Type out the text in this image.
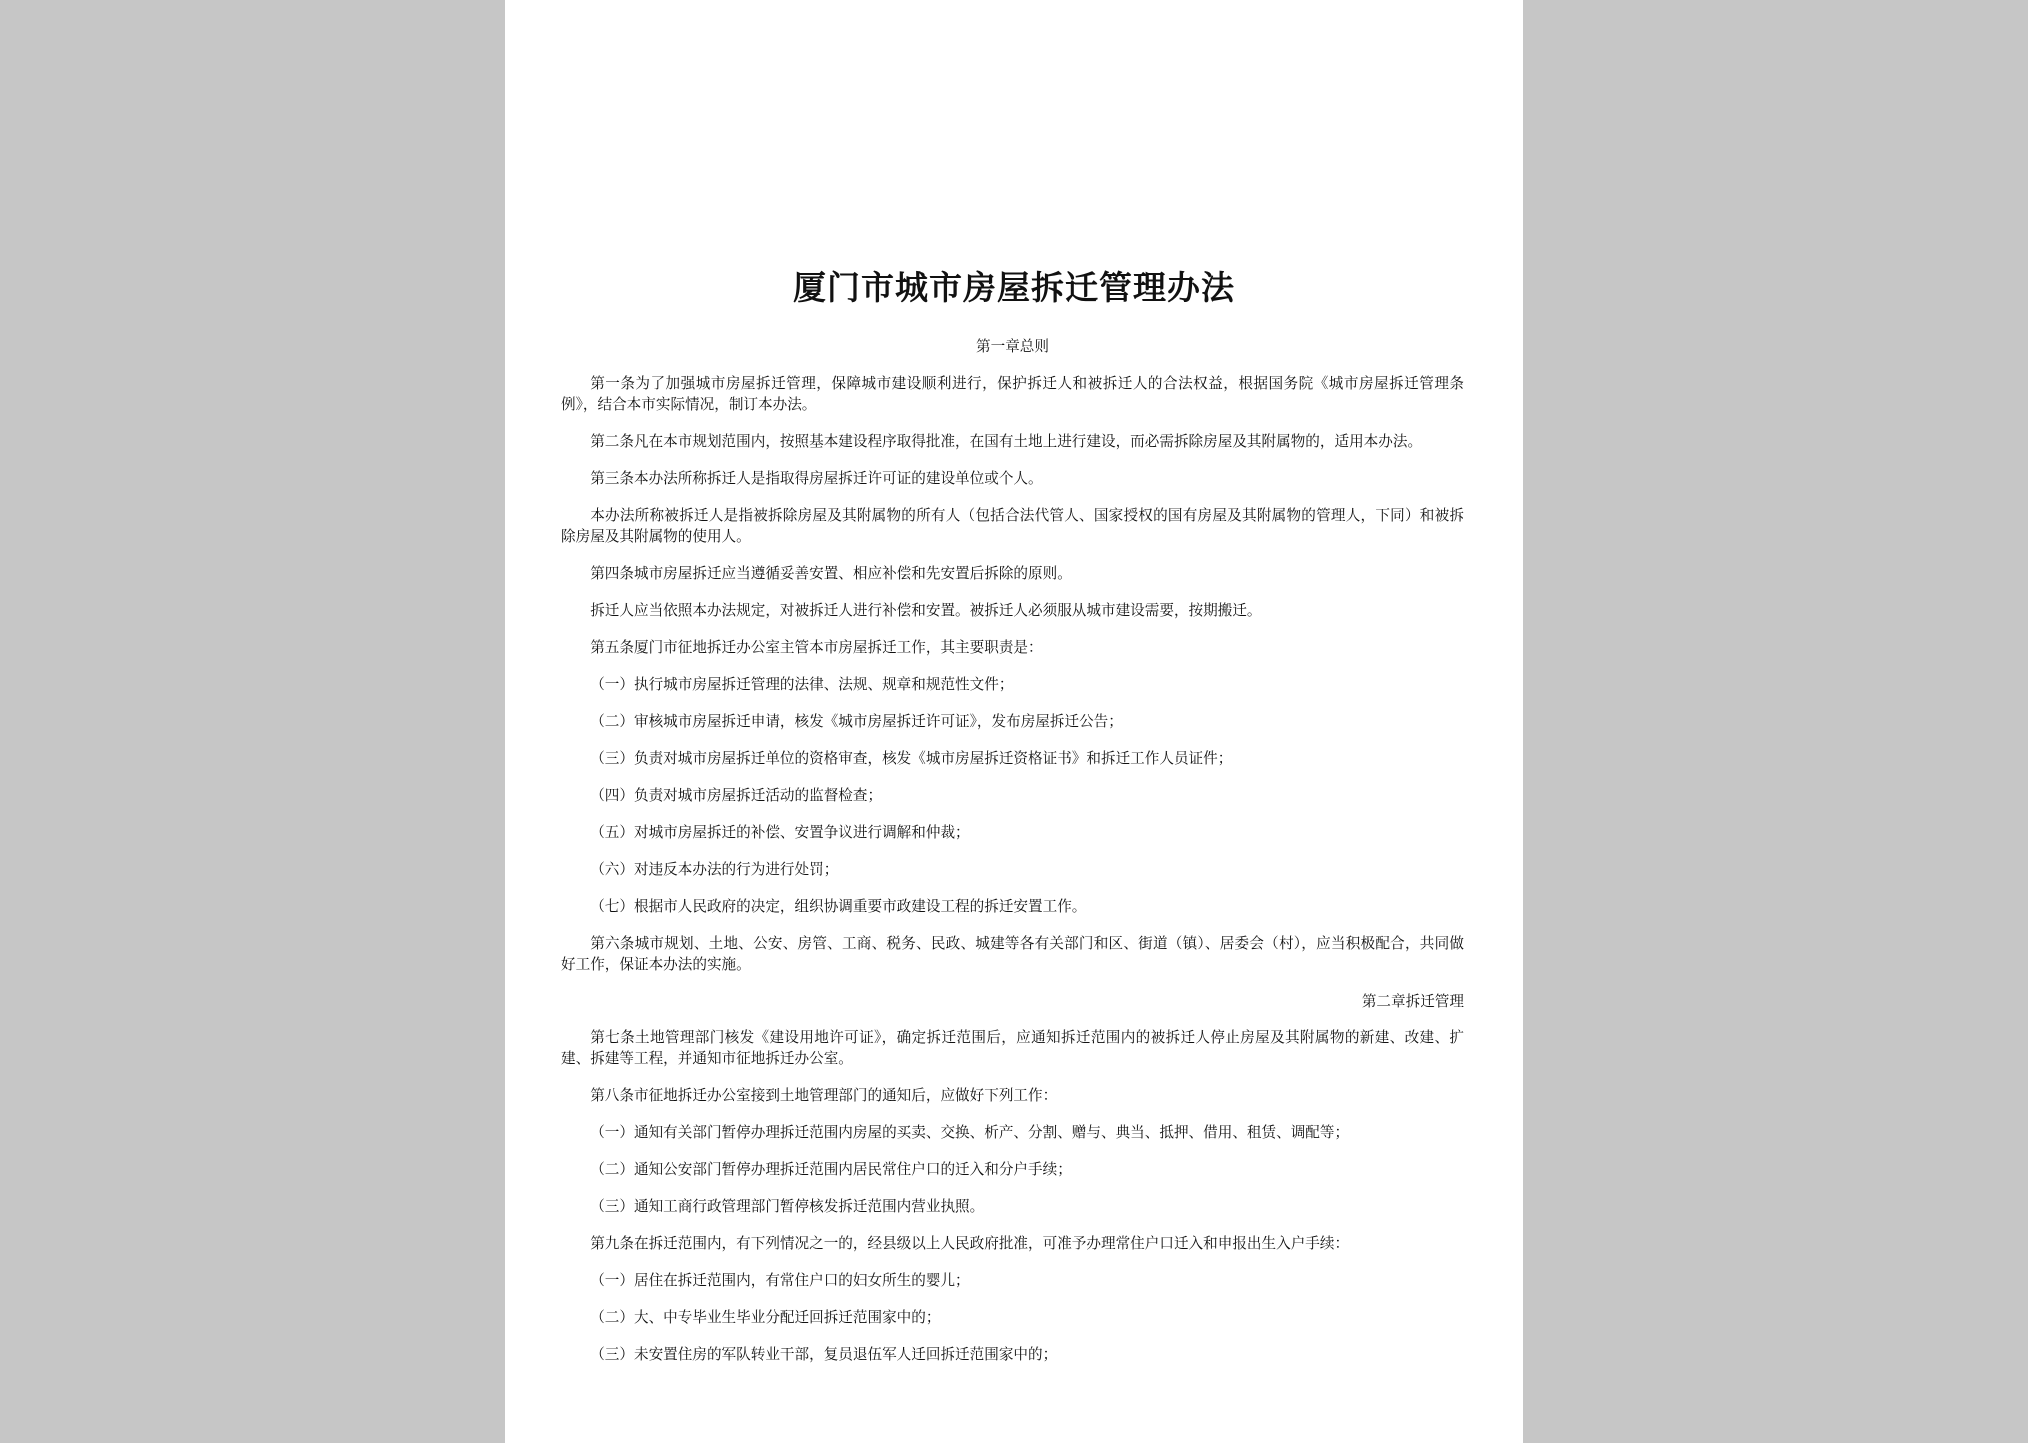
厦门市城市房屋拆迁管理办法

第一章总则

第一条为了加强城市房屋拆迁管理，保障城市建设顺利进行，保护拆迁人和被拆迁人的合法权益，根据国务院《城市房屋拆迁管理条例》，结合本市实际情况，制订本办法。

第二条凡在本市规划范围内，按照基本建设程序取得批准，在国有土地上进行建设，而必需拆除房屋及其附属物的，适用本办法。

第三条本办法所称拆迁人是指取得房屋拆迁许可证的建设单位或个人。

本办法所称被拆迁人是指被拆除房屋及其附属物的所有人（包括合法代管人、国家授权的国有房屋及其附属物的管理人，下同）和被拆除房屋及其附属物的使用人。

第四条城市房屋拆迁应当遵循妥善安置、相应补偿和先安置后拆除的原则。

拆迁人应当依照本办法规定，对被拆迁人进行补偿和安置。被拆迁人必须服从城市建设需要，按期搬迁。

第五条厦门市征地拆迁办公室主管本市房屋拆迁工作，其主要职责是：

（一）执行城市房屋拆迁管理的法律、法规、规章和规范性文件；

（二）审核城市房屋拆迁申请，核发《城市房屋拆迁许可证》，发布房屋拆迁公告；

（三）负责对城市房屋拆迁单位的资格审查，核发《城市房屋拆迁资格证书》和拆迁工作人员证件；

（四）负责对城市房屋拆迁活动的监督检查；

（五）对城市房屋拆迁的补偿、安置争议进行调解和仲裁；

（六）对违反本办法的行为进行处罚；

（七）根据市人民政府的决定，组织协调重要市政建设工程的拆迁安置工作。

第六条城市规划、土地、公安、房管、工商、税务、民政、城建等各有关部门和区、街道（镇）、居委会（村），应当积极配合，共同做好工作，保证本办法的实施。

第二章拆迁管理

第七条土地管理部门核发《建设用地许可证》，确定拆迁范围后，应通知拆迁范围内的被拆迁人停止房屋及其附属物的新建、改建、扩建、拆建等工程，并通知市征地拆迁办公室。

第八条市征地拆迁办公室接到土地管理部门的通知后，应做好下列工作：

（一）通知有关部门暂停办理拆迁范围内房屋的买卖、交换、析产、分割、赠与、典当、抵押、借用、租赁、调配等；

（二）通知公安部门暂停办理拆迁范围内居民常住户口的迁入和分户手续；

（三）通知工商行政管理部门暂停核发拆迁范围内营业执照。

第九条在拆迁范围内，有下列情况之一的，经县级以上人民政府批准，可准予办理常住户口迁入和申报出生入户手续：

（一）居住在拆迁范围内，有常住户口的妇女所生的婴儿；

（二）大、中专毕业生毕业分配迁回拆迁范围家中的；

（三）未安置住房的军队转业干部，复员退伍军人迁回拆迁范围家中的；
